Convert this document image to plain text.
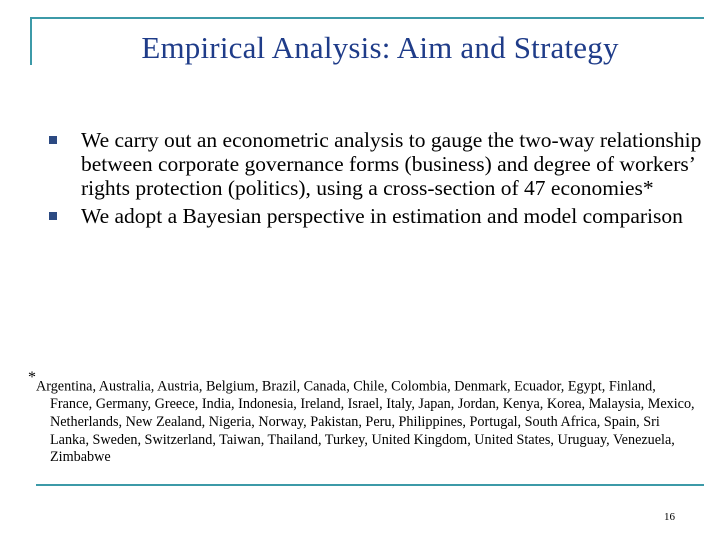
Empirical Analysis: Aim and Strategy
We carry out an econometric analysis to gauge the two-way relationship between corporate governance forms (business) and degree of workers’ rights protection (politics), using a cross-section of 47 economies*
We adopt a Bayesian perspective in estimation and model comparison
*Argentina, Australia, Austria, Belgium, Brazil, Canada, Chile, Colombia, Denmark, Ecuador, Egypt, Finland,
France, Germany, Greece, India, Indonesia, Ireland, Israel, Italy, Japan, Jordan, Kenya, Korea, Malaysia, Mexico, Netherlands, New Zealand, Nigeria, Norway, Pakistan, Peru, Philippines, Portugal, South Africa, Spain, Sri Lanka, Sweden, Switzerland, Taiwan, Thailand, Turkey, United Kingdom, United States, Uruguay, Venezuela, Zimbabwe
16
